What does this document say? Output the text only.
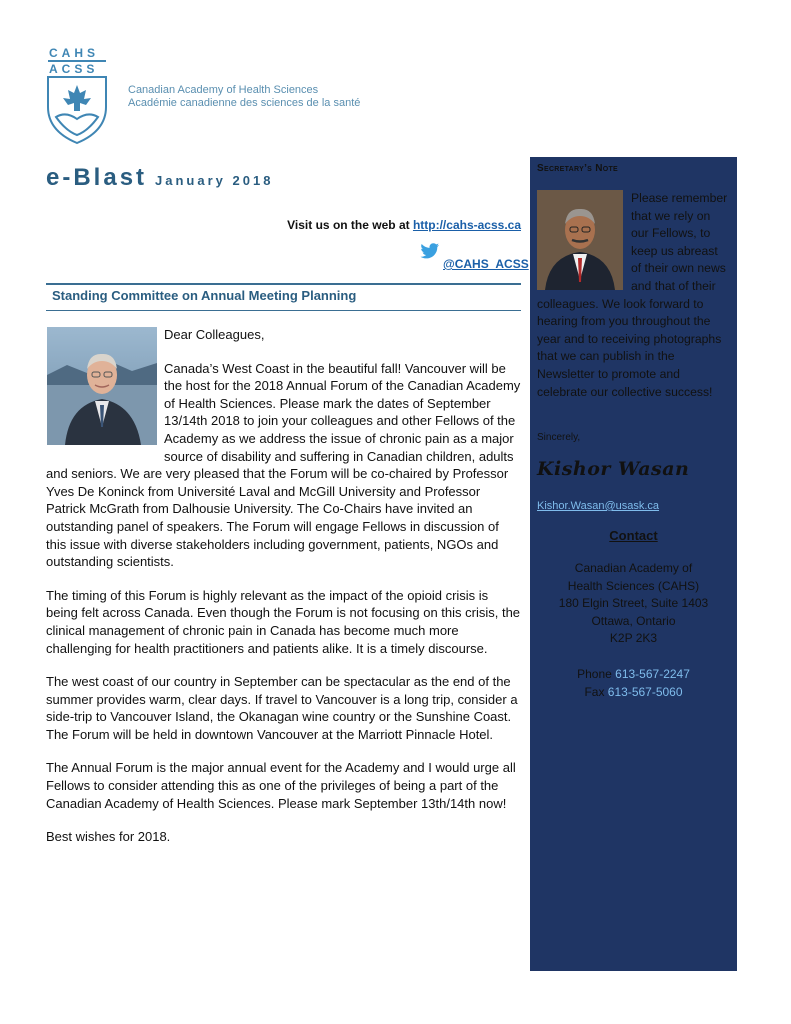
CAHS
ACSS
Canadian Academy of Health Sciences
Académie canadienne des sciences de la santé
e-Blast January 2018
Visit us on the web at http://cahs-acss.ca
@CAHS_ACSS
Standing Committee on Annual Meeting Planning

Dear Colleagues,

Canada’s West Coast in the beautiful fall! Vancouver will be the host for the 2018 Annual Forum of the Canadian Academy of Health Sciences. Please mark the dates of September 13/14th 2018 to join your colleagues and other Fellows of the Academy as we address the issue of chronic pain as a major source of disability and suffering in Canadian children, adults and seniors. We are very pleased that the Forum will be co-chaired by Professor Yves De Koninck from Université Laval and McGill University and Professor Patrick McGrath from Dalhousie University. The Co-Chairs have invited an outstanding panel of speakers. The Forum will engage Fellows in discussion of this issue with diverse stakeholders including government, patients, NGOs and outstanding scientists.

The timing of this Forum is highly relevant as the impact of the opioid crisis is being felt across Canada. Even though the Forum is not focusing on this crisis, the clinical management of chronic pain in Canada has become much more challenging for health practitioners and patients alike. It is a timely discourse.

The west coast of our country in September can be spectacular as the end of the summer provides warm, clear days. If travel to Vancouver is a long trip, consider a side-trip to Vancouver Island, the Okanagan wine country or the Sunshine Coast. The Forum will be held in downtown Vancouver at the Marriott Pinnacle Hotel.

The Annual Forum is the major annual event for the Academy and I would urge all Fellows to consider attending this as one of the privileges of being a part of the Canadian Academy of Health Sciences. Please mark September 13th/14th now!

Best wishes for 2018.

Secretary’s Note
Please remember that we rely on our Fellows, to keep us abreast of their own news and that of their colleagues. We look forward to hearing from you throughout the year and to receiving photographs that we can publish in the Newsletter to promote and celebrate our collective success!
Sincerely,
Kishor Wasan
Kishor.Wasan@usask.ca
Contact
Canadian Academy of
Health Sciences (CAHS)
180 Elgin Street, Suite 1403
Ottawa, Ontario
K2P 2K3
Phone 613-567-2247
Fax 613-567-5060
